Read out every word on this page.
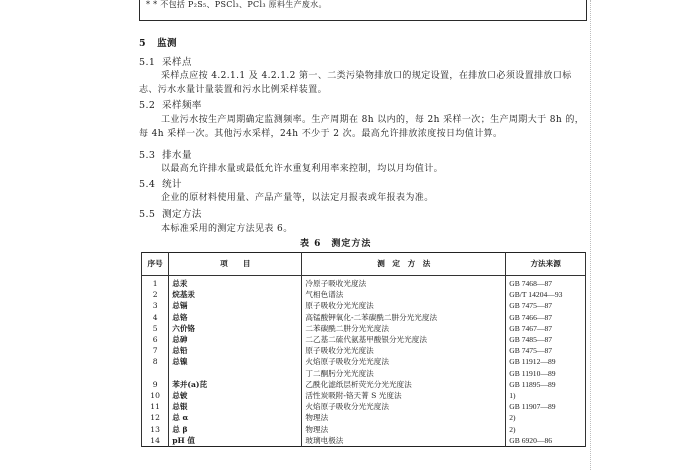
* * 不包括 P₂S₅、PSCl₃、PCl₃ 原料生产废水。
5 监测
5.1 采样点
采样点应按 4.2.1.1 及 4.2.1.2 第一、二类污染物排放口的规定设置，在排放口必须设置排放口标
志、污水水量计量装置和污水比例采样装置。
5.2 采样频率
工业污水按生产周期确定监测频率。生产周期在 8h 以内的，每 2h 采样一次；生产周期大于 8h 的，
每 4h 采样一次。其他污水采样，24h 不少于 2 次。最高允许排放浓度按日均值计算。
5.3 排水量
以最高允许排水量或最低允许水重复利用率来控制，均以月均值计。
5.4 统计
企业的原材料使用量、产品产量等，以法定月报表或年报表为准。
5.5 测定方法
本标准采用的测定方法见表 6。
表 6　测定方法
序号	项　　目	测　定　方　法	方法来源
1	总汞	冷原子吸收光度法	GB 7468—87
2	烷基汞	气相色谱法	GB/T 14204—93
3	总镉	原子吸收分光光度法	GB 7475—87
4	总铬	高锰酸钾氧化-二苯碳酰二肼分光光度法	GB 7466—87
5	六价铬	二苯碳酰二肼分光光度法	GB 7467—87
6	总砷	二乙基二硫代氨基甲酸银分光光度法	GB 7485—87
7	总铅	原子吸收分光光度法	GB 7475—87
8	总镍	火焰原子吸收分光光度法	GB 11912—89
		丁二酮肟分光光度法	GB 11910—89
9	苯并(a)芘	乙酰化滤纸层析荧光分光光度法	GB 11895—89
10	总铍	活性炭吸附-铬天菁 S 光度法	1)
11	总银	火焰原子吸收分光光度法	GB 11907—89
12	总 α	物理法	2)
13	总 β	物理法	2)
14	pH 值	玻璃电极法	GB 6920—86
